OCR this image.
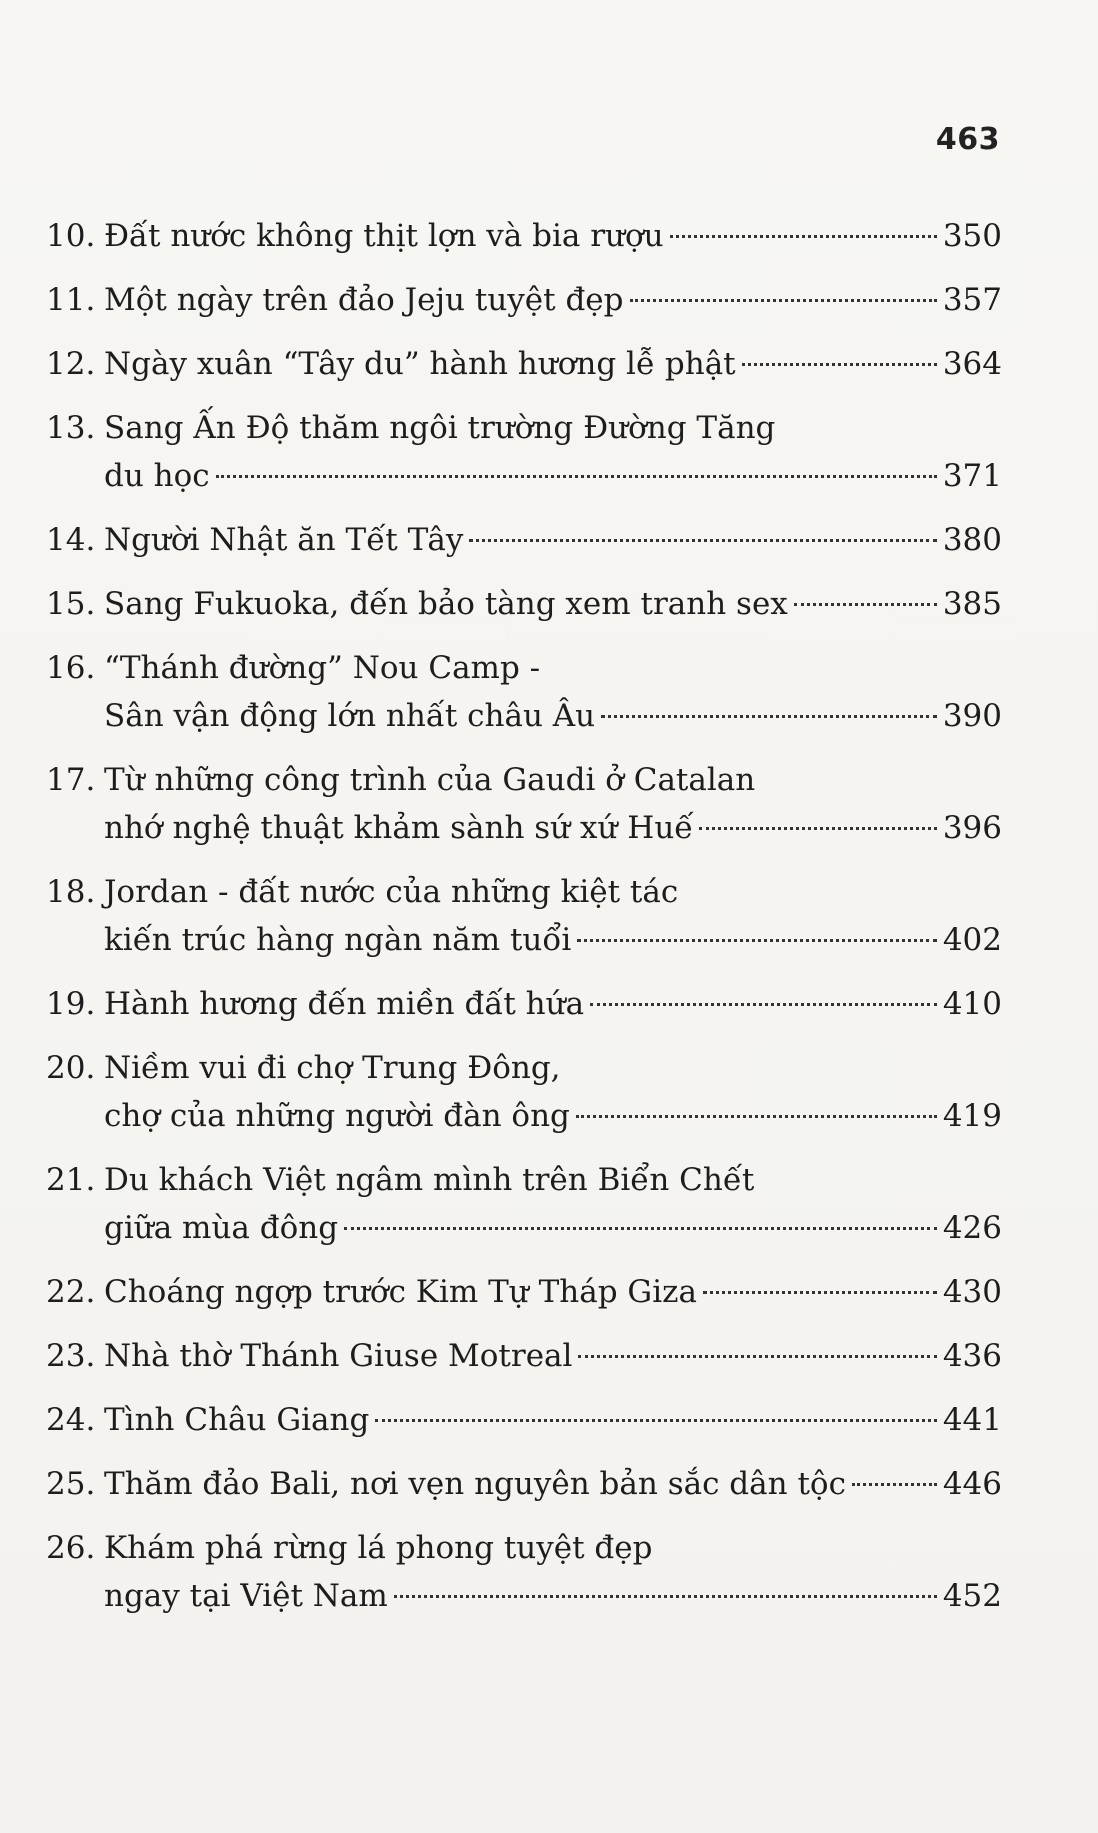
463
10. Đất nước không thịt lợn và bia rượu	350
11. Một ngày trên đảo Jeju tuyệt đẹp	357
12. Ngày xuân “Tây du” hành hương lễ phật	364
13. Sang Ấn Độ thăm ngôi trường Đường Tăng
du học	371
14. Người Nhật ăn Tết Tây	380
15. Sang Fukuoka, đến bảo tàng xem tranh sex	385
16. “Thánh đường” Nou Camp -
Sân vận động lớn nhất châu Âu	390
17. Từ những công trình của Gaudi ở Catalan
nhớ nghệ thuật khảm sành sứ xứ Huế	396
18. Jordan - đất nước của những kiệt tác
kiến trúc hàng ngàn năm tuổi	402
19. Hành hương đến miền đất hứa	410
20. Niềm vui đi chợ Trung Đông,
chợ của những người đàn ông	419
21. Du khách Việt ngâm mình trên Biển Chết
giữa mùa đông	426
22. Choáng ngợp trước Kim Tự Tháp Giza	430
23. Nhà thờ Thánh Giuse Motreal	436
24. Tình Châu Giang	441
25. Thăm đảo Bali, nơi vẹn nguyên bản sắc dân tộc	446
26. Khám phá rừng lá phong tuyệt đẹp
ngay tại Việt Nam	452
